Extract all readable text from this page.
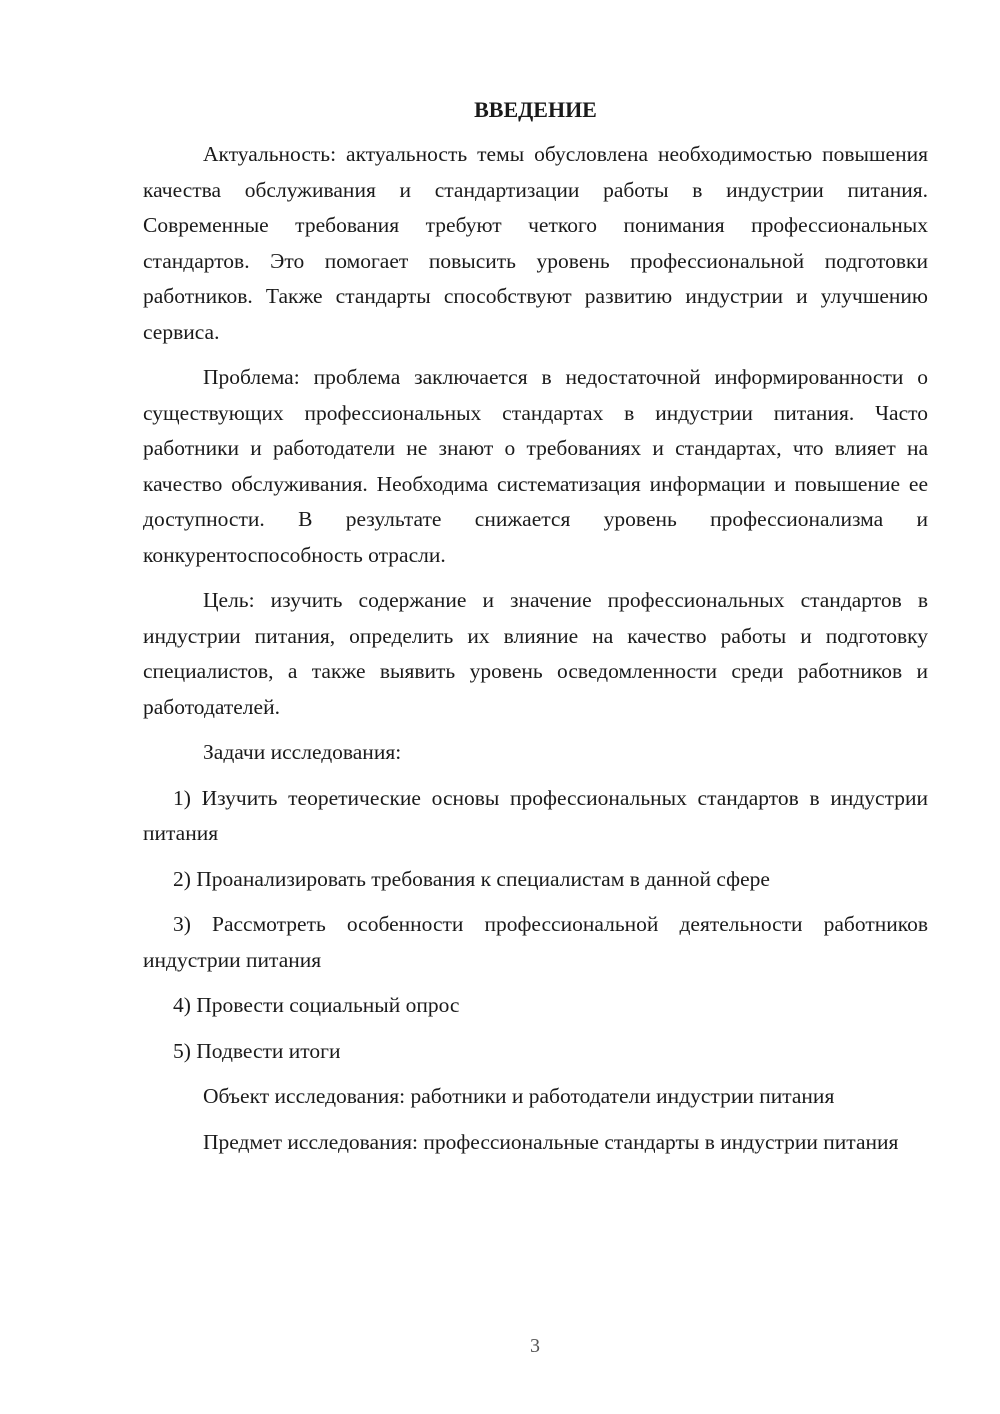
ВВЕДЕНИЕ

Актуальность: актуальность темы обусловлена необходимостью повышения качества обслуживания и стандартизации работы в индустрии питания. Современные требования требуют четкого понимания профессиональных стандартов. Это помогает повысить уровень профессиональной подготовки работников. Также стандарты способствуют развитию индустрии и улучшению сервиса.

Проблема: проблема заключается в недостаточной информированности о существующих профессиональных стандартах в индустрии питания. Часто работники и работодатели не знают о требованиях и стандартах, что влияет на качество обслуживания. Необходима систематизация информации и повышение ее доступности. В результате снижается уровень профессионализма и конкурентоспособность отрасли.

Цель: изучить содержание и значение профессиональных стандартов в индустрии питания, определить их влияние на качество работы и подготовку специалистов, а также выявить уровень осведомленности среди работников и работодателей.

Задачи исследования:

1) Изучить теоретические основы профессиональных стандартов в индустрии питания

2) Проанализировать требования к специалистам в данной сфере

3) Рассмотреть особенности профессиональной деятельности работников индустрии питания

4) Провести социальный опрос

5) Подвести итоги

Объект исследования: работники и работодатели индустрии питания

Предмет исследования: профессиональные стандарты в индустрии питания

3
